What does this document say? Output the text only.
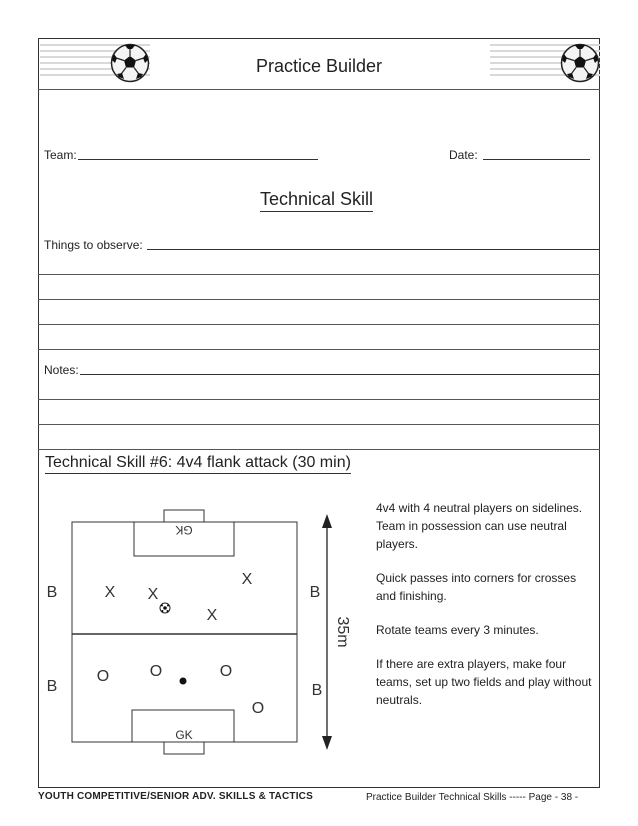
Practice Builder
Team:	Date:
Technical Skill
Things to observe:
Notes:
Technical Skill #6: 4v4 flank attack (30 min)
GK
GK
B
B
B
B
X X
X
X
O	O	O
O
35m

4v4 with 4 neutral players on sidelines. Team in possession can use neutral players.

Quick passes into corners for crosses and finishing.

Rotate teams every 3 minutes.

If there are extra players, make four teams, set up two fields and play without neutrals.

YOUTH COMPETITIVE/SENIOR ADV. SKILLS & TACTICS	Practice Builder Technical Skills ----- Page - 38 -
